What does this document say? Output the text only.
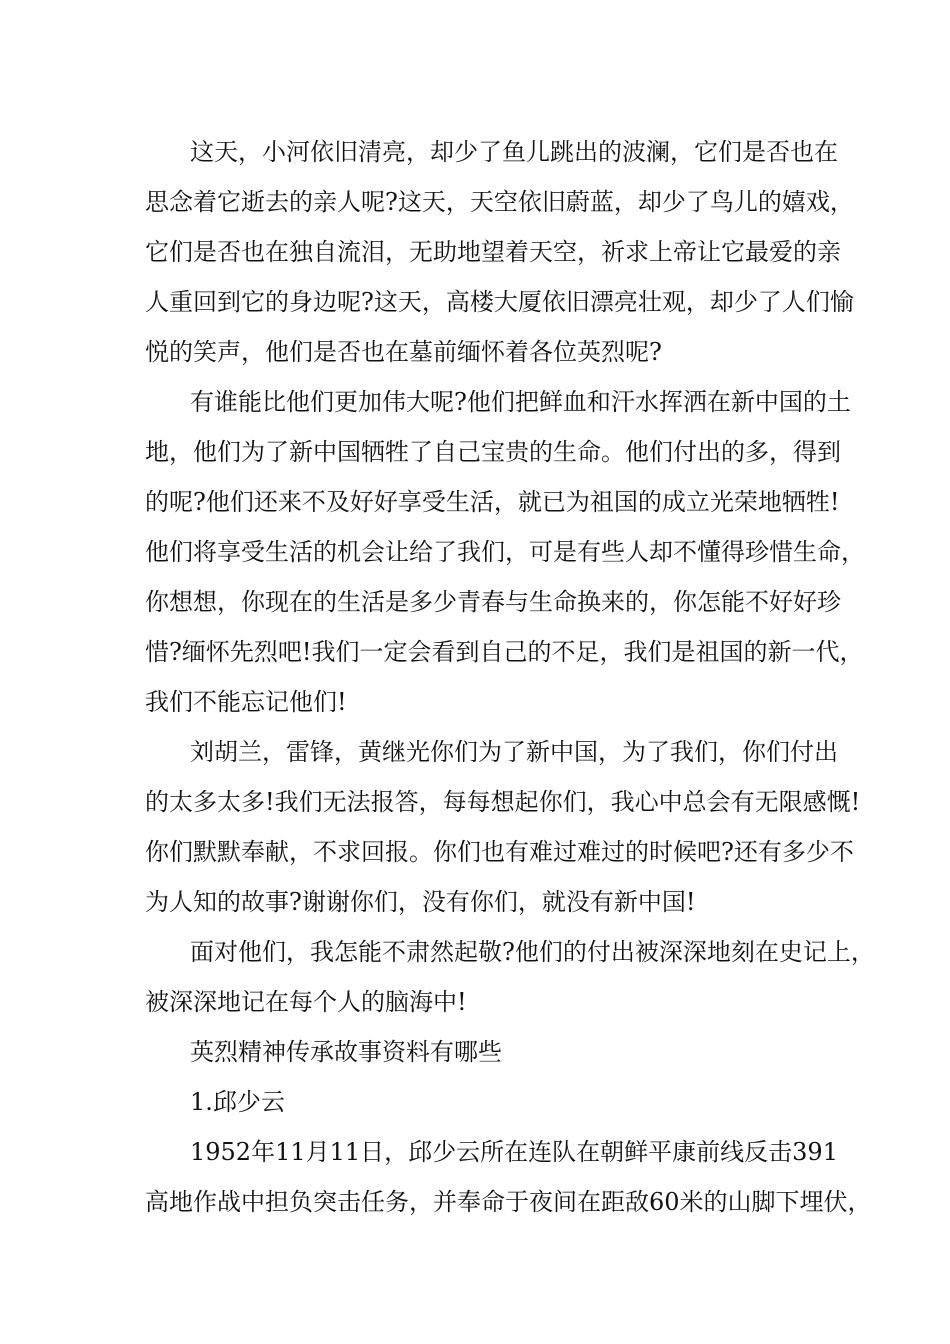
这天，小河依旧清亮，却少了鱼儿跳出的波澜，它们是否也在
思念着它逝去的亲人呢?这天，天空依旧蔚蓝，却少了鸟儿的嬉戏，
它们是否也在独自流泪，无助地望着天空，祈求上帝让它最爱的亲
人重回到它的身边呢?这天，高楼大厦依旧漂亮壮观，却少了人们愉
悦的笑声，他们是否也在墓前缅怀着各位英烈呢?
有谁能比他们更加伟大呢?他们把鲜血和汗水挥洒在新中国的土
地，他们为了新中国牺牲了自己宝贵的生命。他们付出的多，得到
的呢?他们还来不及好好享受生活，就已为祖国的成立光荣地牺牲!
他们将享受生活的机会让给了我们，可是有些人却不懂得珍惜生命，
你想想，你现在的生活是多少青春与生命换来的，你怎能不好好珍
惜?缅怀先烈吧!我们一定会看到自己的不足，我们是祖国的新一代，
我们不能忘记他们!
刘胡兰，雷锋，黄继光你们为了新中国，为了我们，你们付出
的太多太多!我们无法报答，每每想起你们，我心中总会有无限感慨!
你们默默奉献，不求回报。你们也有难过难过的时候吧?还有多少不
为人知的故事?谢谢你们，没有你们，就没有新中国!
面对他们，我怎能不肃然起敬?他们的付出被深深地刻在史记上，
被深深地记在每个人的脑海中!
英烈精神传承故事资料有哪些
1.邱少云
1952年11月11日，邱少云所在连队在朝鲜平康前线反击391
高地作战中担负突击任务，并奉命于夜间在距敌60米的山脚下埋伏，
